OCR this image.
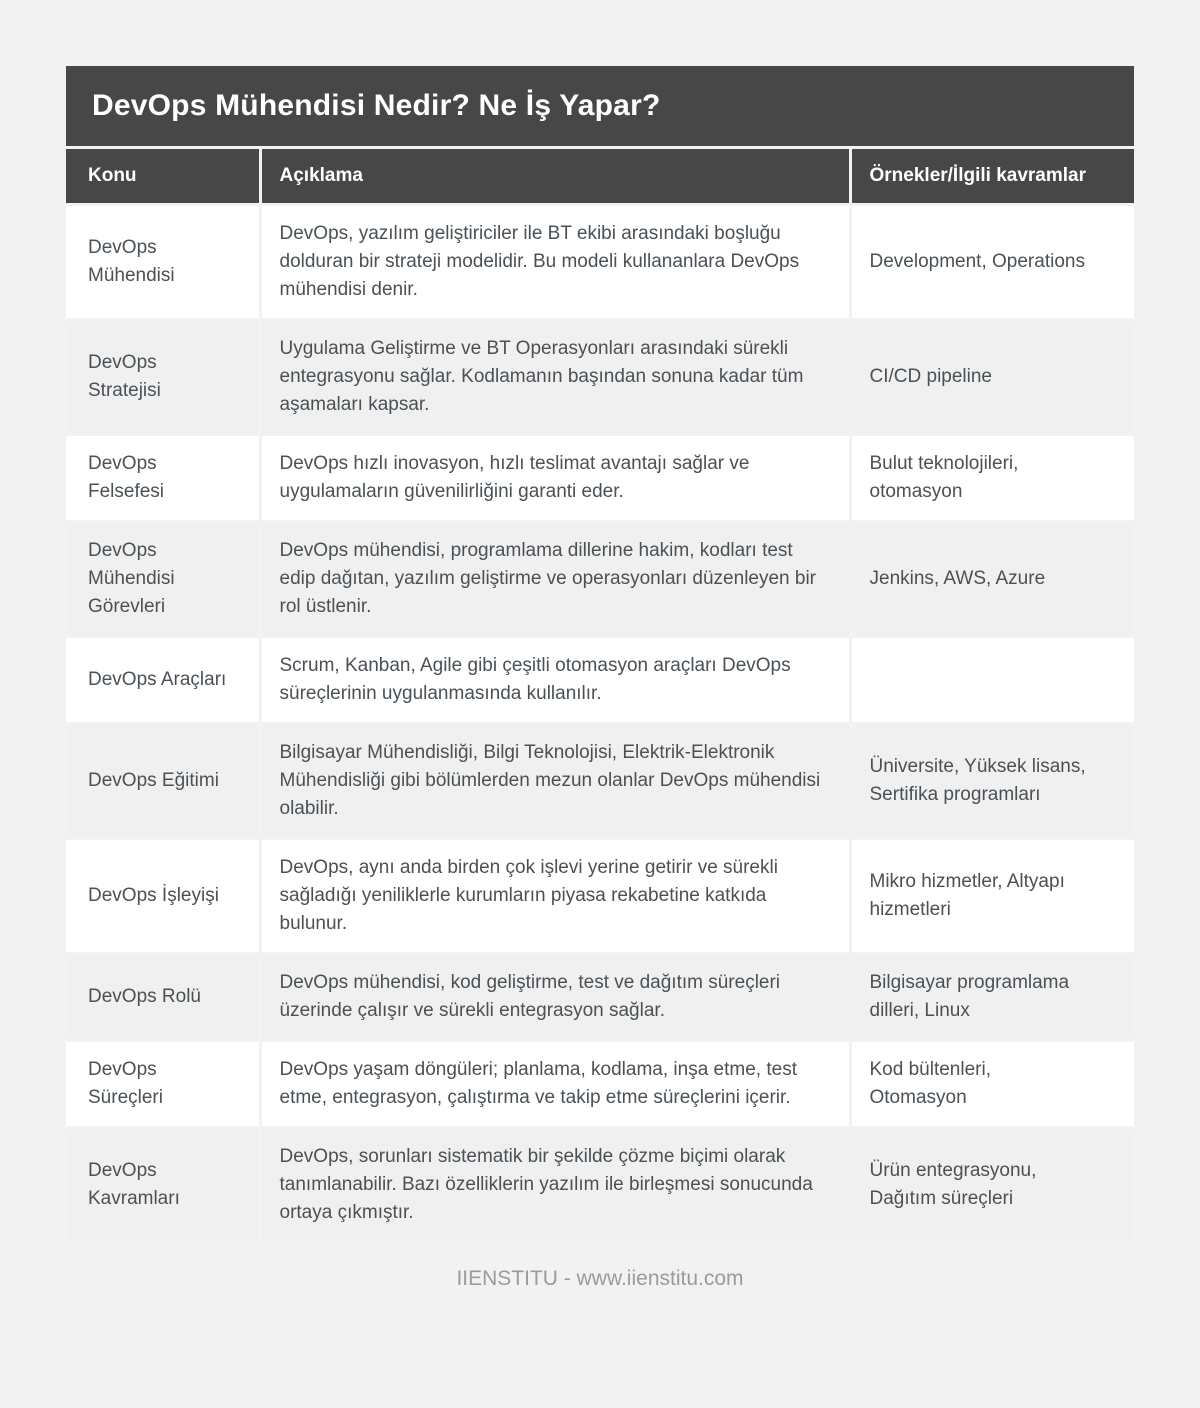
DevOps Mühendisi Nedir? Ne İş Yapar?
Konu	Açıklama	Örnekler/İlgili kavramlar
DevOps Mühendisi	DevOps, yazılım geliştiriciler ile BT ekibi arasındaki boşluğu dolduran bir strateji modelidir. Bu modeli kullananlara DevOps mühendisi denir.	Development, Operations
DevOps Stratejisi	Uygulama Geliştirme ve BT Operasyonları arasındaki sürekli entegrasyonu sağlar. Kodlamanın başından sonuna kadar tüm aşamaları kapsar.	CI/CD pipeline
DevOps Felsefesi	DevOps hızlı inovasyon, hızlı teslimat avantajı sağlar ve uygulamaların güvenilirliğini garanti eder.	Bulut teknolojileri, otomasyon
DevOps Mühendisi Görevleri	DevOps mühendisi, programlama dillerine hakim, kodları test edip dağıtan, yazılım geliştirme ve operasyonları düzenleyen bir rol üstlenir.	Jenkins, AWS, Azure
DevOps Araçları	Scrum, Kanban, Agile gibi çeşitli otomasyon araçları DevOps süreçlerinin uygulanmasında kullanılır.	
DevOps Eğitimi	Bilgisayar Mühendisliği, Bilgi Teknolojisi, Elektrik-Elektronik Mühendisliği gibi bölümlerden mezun olanlar DevOps mühendisi olabilir.	Üniversite, Yüksek lisans, Sertifika programları
DevOps İşleyişi	DevOps, aynı anda birden çok işlevi yerine getirir ve sürekli sağladığı yeniliklerle kurumların piyasa rekabetine katkıda bulunur.	Mikro hizmetler, Altyapı hizmetleri
DevOps Rolü	DevOps mühendisi, kod geliştirme, test ve dağıtım süreçleri üzerinde çalışır ve sürekli entegrasyon sağlar.	Bilgisayar programlama dilleri, Linux
DevOps Süreçleri	DevOps yaşam döngüleri; planlama, kodlama, inşa etme, test etme, entegrasyon, çalıştırma ve takip etme süreçlerini içerir.	Kod bültenleri, Otomasyon
DevOps Kavramları	DevOps, sorunları sistematik bir şekilde çözme biçimi olarak tanımlanabilir. Bazı özelliklerin yazılım ile birleşmesi sonucunda ortaya çıkmıştır.	Ürün entegrasyonu, Dağıtım süreçleri
IIENSTITU - www.iienstitu.com
